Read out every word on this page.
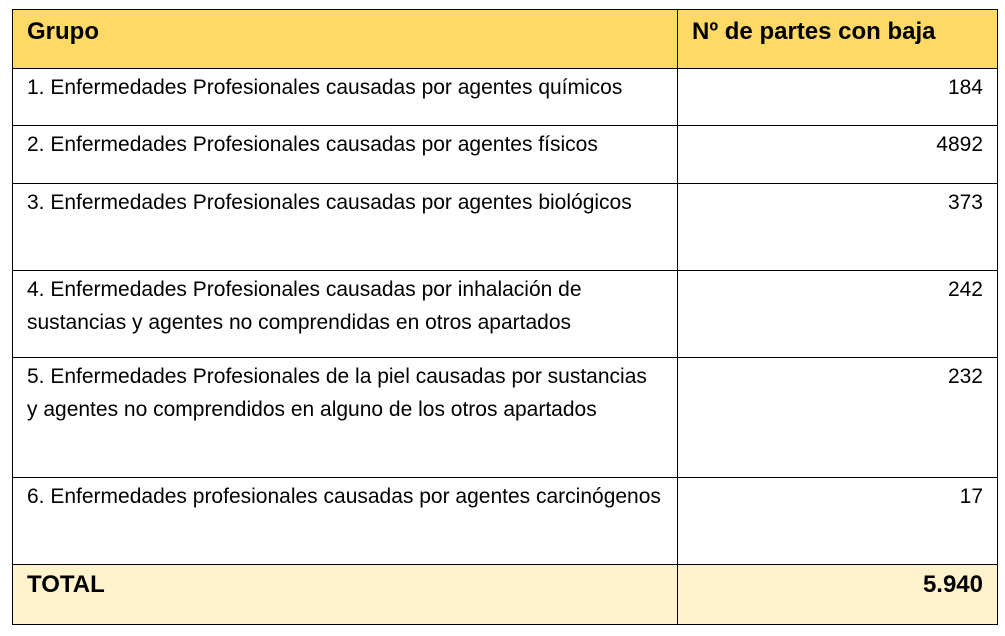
Grupo	Nº de partes con baja

1. Enfermedades Profesionales causadas por agentes químicos	184

2. Enfermedades Profesionales causadas por agentes físicos	4892

3. Enfermedades Profesionales causadas por agentes biológicos	373

4. Enfermedades Profesionales causadas por inhalación de sustancias y agentes no comprendidas en otros apartados	242

5. Enfermedades Profesionales de la piel causadas por sustancias y agentes no comprendidos en alguno de los otros apartados	232

6. Enfermedades profesionales causadas por agentes carcinógenos	17

TOTAL	5.940
